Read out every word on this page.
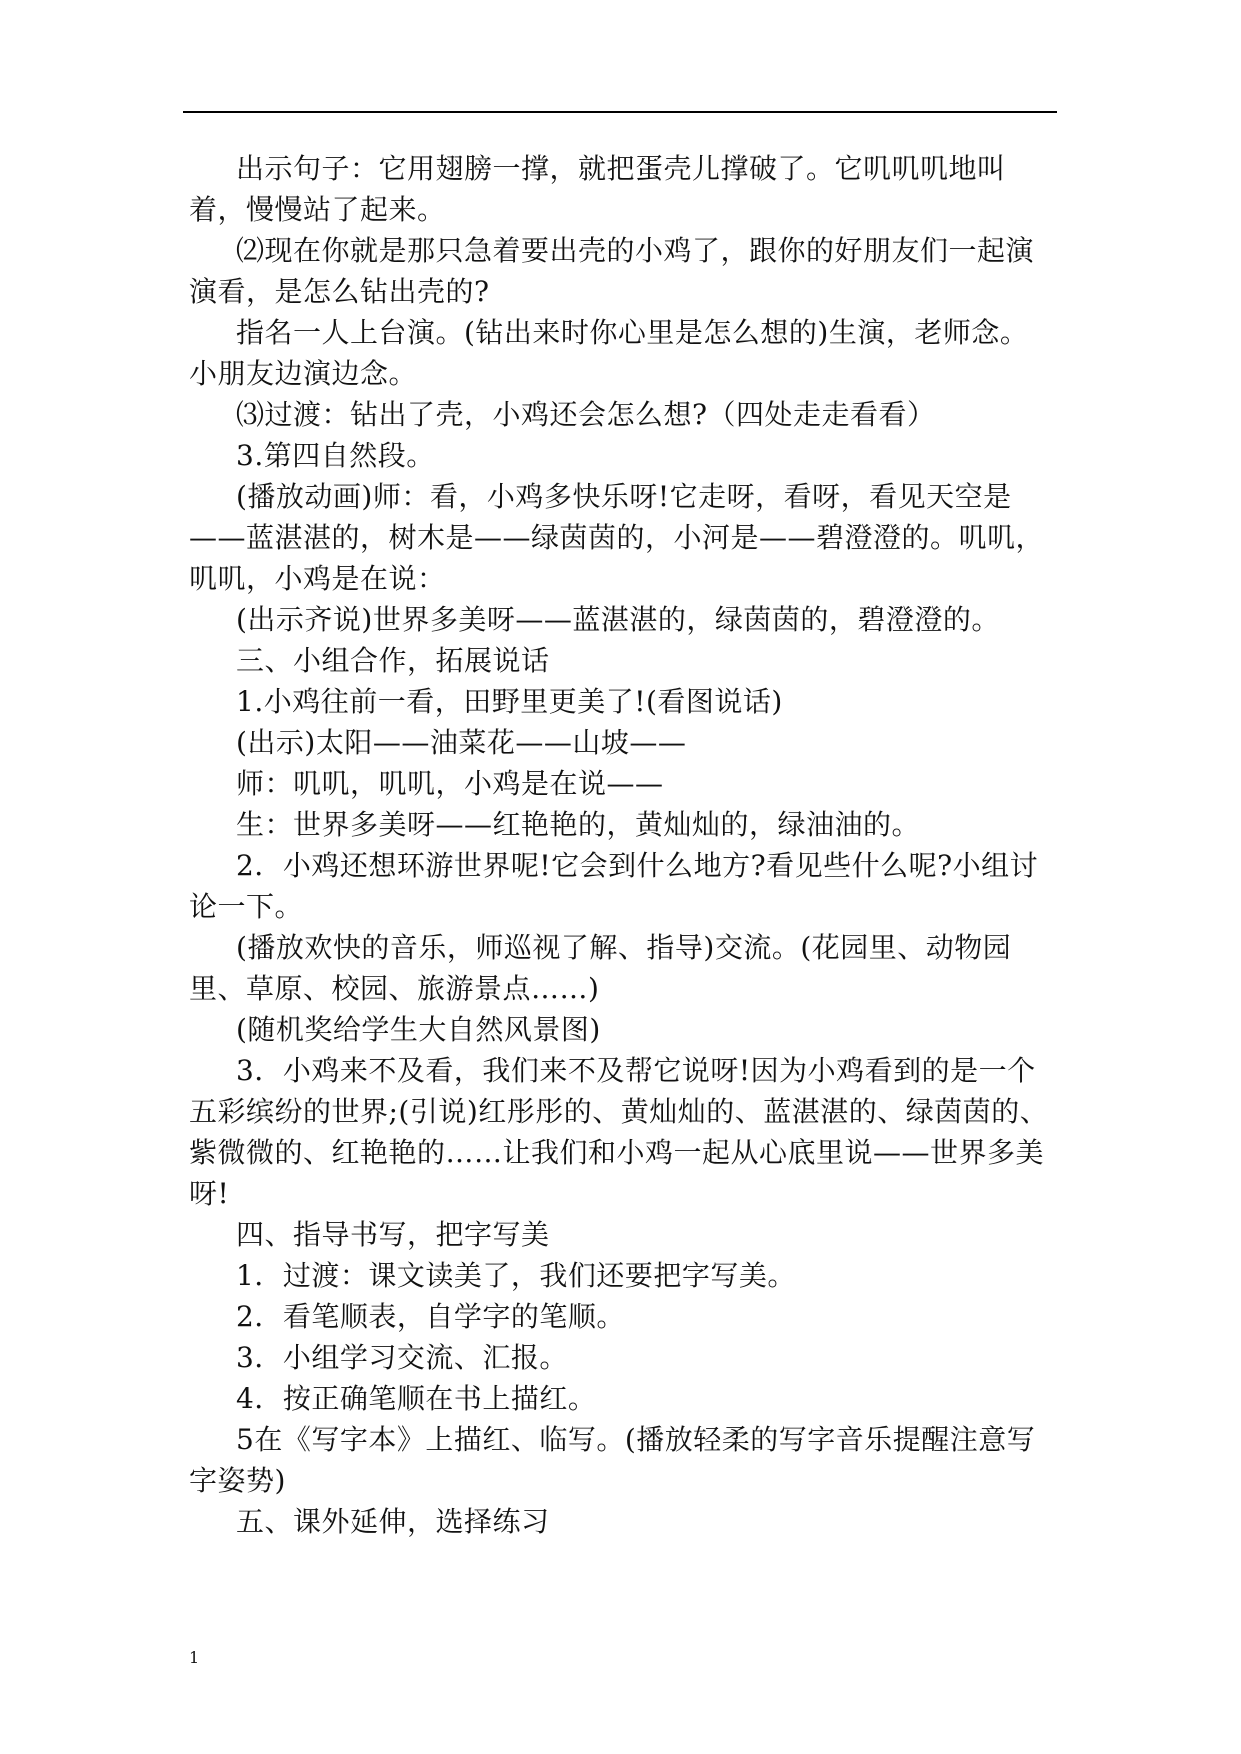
出示句子：它用翅膀一撑，就把蛋壳儿撑破了。它叽叽叽地叫着，慢慢站了起来。

⑵现在你就是那只急着要出壳的小鸡了，跟你的好朋友们一起演演看，是怎么钻出壳的?

指名一人上台演。(钻出来时你心里是怎么想的)生演，老师念。小朋友边演边念。

⑶过渡：钻出了壳，小鸡还会怎么想?（四处走走看看）

3.第四自然段。

(播放动画)师：看，小鸡多快乐呀!它走呀，看呀，看见天空是——蓝湛湛的，树木是——绿茵茵的，小河是——碧澄澄的。叽叽，叽叽，小鸡是在说：

(出示齐说)世界多美呀——蓝湛湛的，绿茵茵的，碧澄澄的。

三、小组合作，拓展说话

1.小鸡往前一看，田野里更美了!(看图说话)

(出示)太阳——油菜花——山坡——

师：叽叽，叽叽，小鸡是在说——

生：世界多美呀——红艳艳的，黄灿灿的，绿油油的。

2．小鸡还想环游世界呢!它会到什么地方?看见些什么呢?小组讨论一下。

(播放欢快的音乐，师巡视了解、指导)交流。(花园里、动物园里、草原、校园、旅游景点……)

(随机奖给学生大自然风景图)

3．小鸡来不及看，我们来不及帮它说呀!因为小鸡看到的是一个五彩缤纷的世界;(引说)红彤彤的、黄灿灿的、蓝湛湛的、绿茵茵的、紫微微的、红艳艳的……让我们和小鸡一起从心底里说——世界多美呀!

四、指导书写，把字写美

1．过渡：课文读美了，我们还要把字写美。

2．看笔顺表，自学字的笔顺。

3．小组学习交流、汇报。

4．按正确笔顺在书上描红。

5在《写字本》上描红、临写。(播放轻柔的写字音乐提醒注意写字姿势)

五、课外延伸，选择练习

1
